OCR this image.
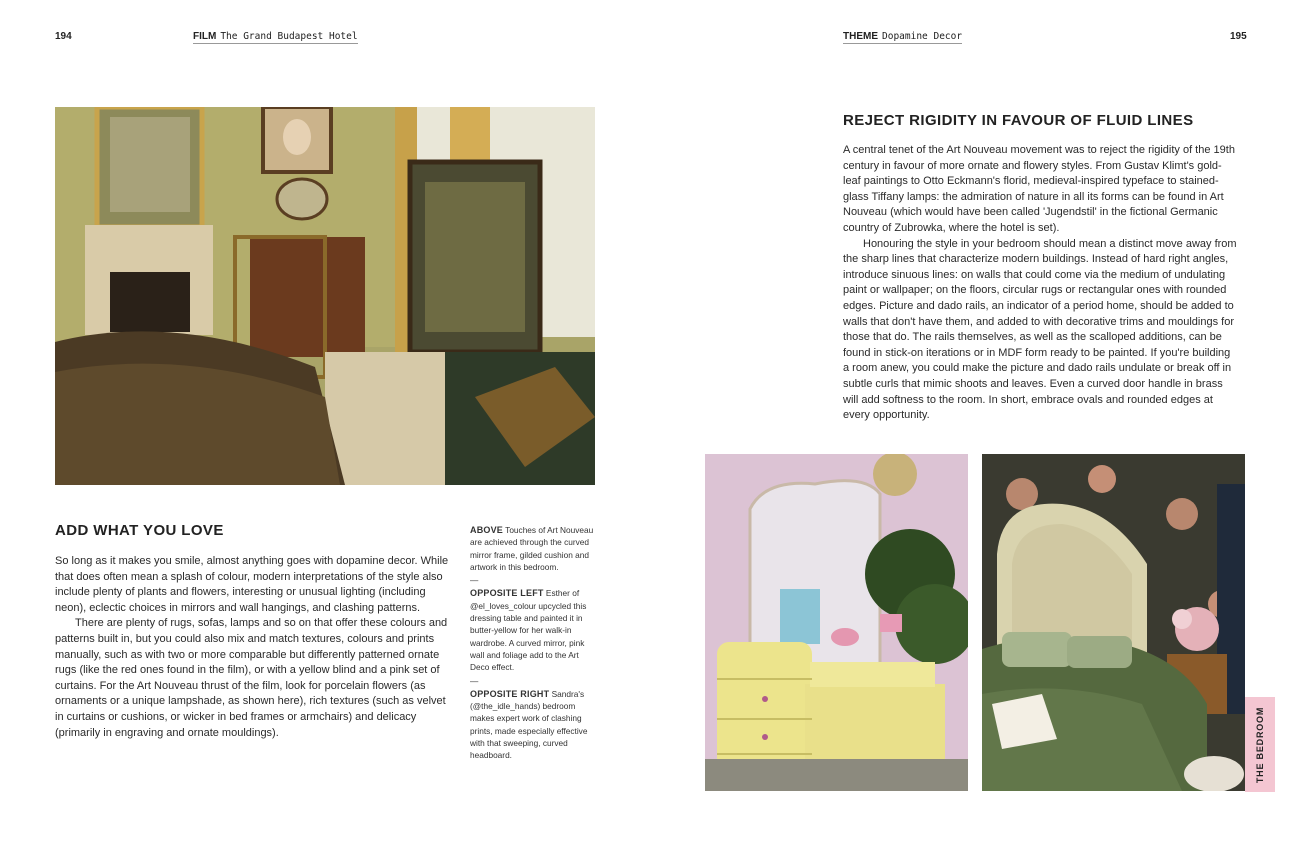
194	FILM The Grand Budapest Hotel	THEME Dopamine Decor	195
ADD WHAT YOU LOVE

So long as it makes you smile, almost anything goes with dopamine decor. While that does often mean a splash of colour, modern interpretations of the style also include plenty of plants and flowers, interesting or unusual lighting (including neon), eclectic choices in mirrors and wall hangings, and clashing patterns.

There are plenty of rugs, sofas, lamps and so on that offer these colours and patterns built in, but you could also mix and match textures, colours and prints manually, such as with two or more comparable but differently patterned ornate rugs (like the red ones found in the film), or with a yellow blind and a pink set of curtains. For the Art Nouveau thrust of the film, look for porcelain flowers (as ornaments or a unique lampshade, as shown here), rich textures (such as velvet in curtains or cushions, or wicker in bed frames or armchairs) and delicacy (primarily in engraving and ornate mouldings).

ABOVE Touches of Art Nouveau are achieved through the curved mirror frame, gilded cushion and artwork in this bedroom.
—
OPPOSITE LEFT Esther of @el_loves_colour upcycled this dressing table and painted it in butter-yellow for her walk-in wardrobe. A curved mirror, pink wall and foliage add to the Art Deco effect.
—
OPPOSITE RIGHT Sandra's (@the_idle_hands) bedroom makes expert work of clashing prints, made especially effective with that sweeping, curved headboard.
REJECT RIGIDITY IN FAVOUR OF FLUID LINES

A central tenet of the Art Nouveau movement was to reject the rigidity of the 19th century in favour of more ornate and flowery styles. From Gustav Klimt's gold-leaf paintings to Otto Eckmann's florid, medieval-inspired typeface to stained-glass Tiffany lamps: the admiration of nature in all its forms can be found in Art Nouveau (which would have been called 'Jugendstil' in the fictional Germanic country of Zubrowka, where the hotel is set).

Honouring the style in your bedroom should mean a distinct move away from the sharp lines that characterize modern buildings. Instead of hard right angles, introduce sinuous lines: on walls that could come via the medium of undulating paint or wallpaper; on the floors, circular rugs or rectangular ones with rounded edges. Picture and dado rails, an indicator of a period home, should be added to walls that don't have them, and added to with decorative trims and mouldings for those that do. The rails themselves, as well as the scalloped additions, can be found in stick-on iterations or in MDF form ready to be painted. If you're building a room anew, you could make the picture and dado rails undulate or break off in subtle curls that mimic shoots and leaves. Even a curved door handle in brass will add softness to the room. In short, embrace ovals and rounded edges at every opportunity.

THE BEDROOM
